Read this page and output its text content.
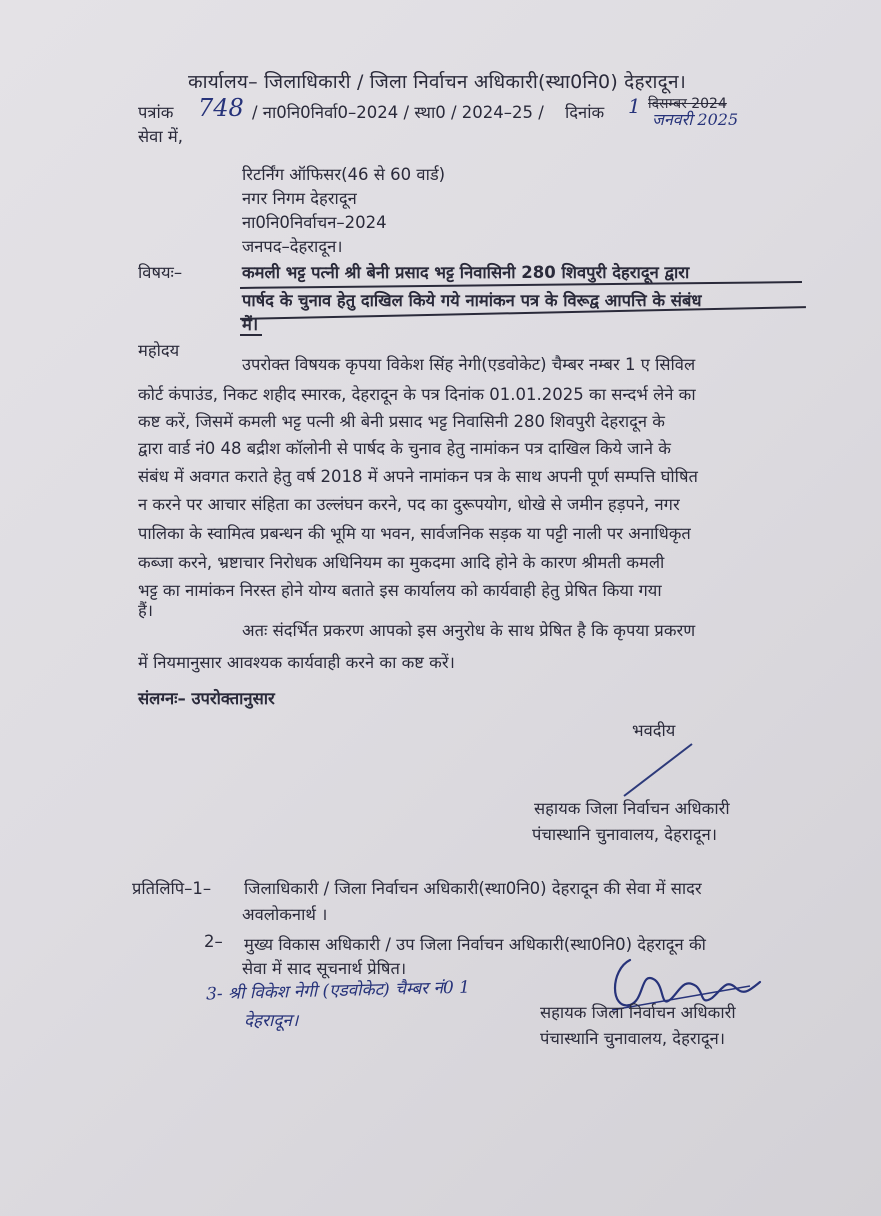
कार्यालय– जिलाधिकारी / जिला निर्वाचन अधिकारी(स्था0नि0) देहरादून।
पत्रांक 748 / ना0नि0निर्वा0–2024 / स्था0 / 2024–25 / दिनांक 1 दिसम्बर 2024
जनवरी 2025
सेवा में,
रिटर्निंग ऑफिसर(46 से 60 वार्ड)
नगर निगम देहरादून
ना0नि0निर्वाचन–2024
जनपद–देहरादून।
विषयः–	कमली भट्ट पत्नी श्री बेनी प्रसाद भट्ट निवासिनी 280 शिवपुरी देहरादून द्वारा
पार्षद के चुनाव हेतु दाखिल किये गये नामांकन पत्र के विरूद्व आपत्ति के संबंध
में।
महोदय
उपरोक्त विषयक कृपया विकेश सिंह नेगी(एडवोकेट) चैम्बर नम्बर 1 ए सिविल
कोर्ट कंपाउंड, निकट शहीद स्मारक, देहरादून के पत्र दिनांक 01.01.2025 का सन्दर्भ लेने का
कष्ट करें, जिसमें कमली भट्ट पत्नी श्री बेनी प्रसाद भट्ट निवासिनी 280 शिवपुरी देहरादून के
द्वारा वार्ड नं0 48 बद्रीश कॉलोनी से पार्षद के चुनाव हेतु नामांकन पत्र दाखिल किये जाने के
संबंध में अवगत कराते हेतु वर्ष 2018 में अपने नामांकन पत्र के साथ अपनी पूर्ण सम्पत्ति घोषित
न करने पर आचार संहिता का उल्लंघन करने, पद का दुरूपयोग, धोखे से जमीन हड़पने, नगर
पालिका के स्वामित्व प्रबन्धन की भूमि या भवन, सार्वजनिक सड़क या पट्टी नाली पर अनाधिकृत
कब्जा करने, भ्रष्टाचार निरोधक अधिनियम का मुकदमा आदि होने के कारण श्रीमती कमली
भट्ट का नामांकन निरस्त होने योग्य बताते इस कार्यालय को कार्यवाही हेतु प्रेषित किया गया
हैं।
अतः संदर्भित प्रकरण आपको इस अनुरोध के साथ प्रेषित है कि कृपया प्रकरण
में नियमानुसार आवश्यक कार्यवाही करने का कष्ट करें।
संलग्नः– उपरोक्तानुसार
भवदीय
सहायक जिला निर्वाचन अधिकारी
पंचास्थानि चुनावालय, देहरादून।
प्रतिलिपि–1– जिलाधिकारी / जिला निर्वाचन अधिकारी(स्था0नि0) देहरादून की सेवा में सादर
अवलोकनार्थ ।
2– मुख्य विकास अधिकारी / उप जिला निर्वाचन अधिकारी(स्था0नि0) देहरादून की
सेवा में साद सूचनार्थ प्रेषित।
3- श्री विकेश नेगी (एडवोकेट) चैम्बर नं0 1
देहरादून।	सहायक जिला निर्वाचन अधिकारी
पंचास्थानि चुनावालय, देहरादून।
